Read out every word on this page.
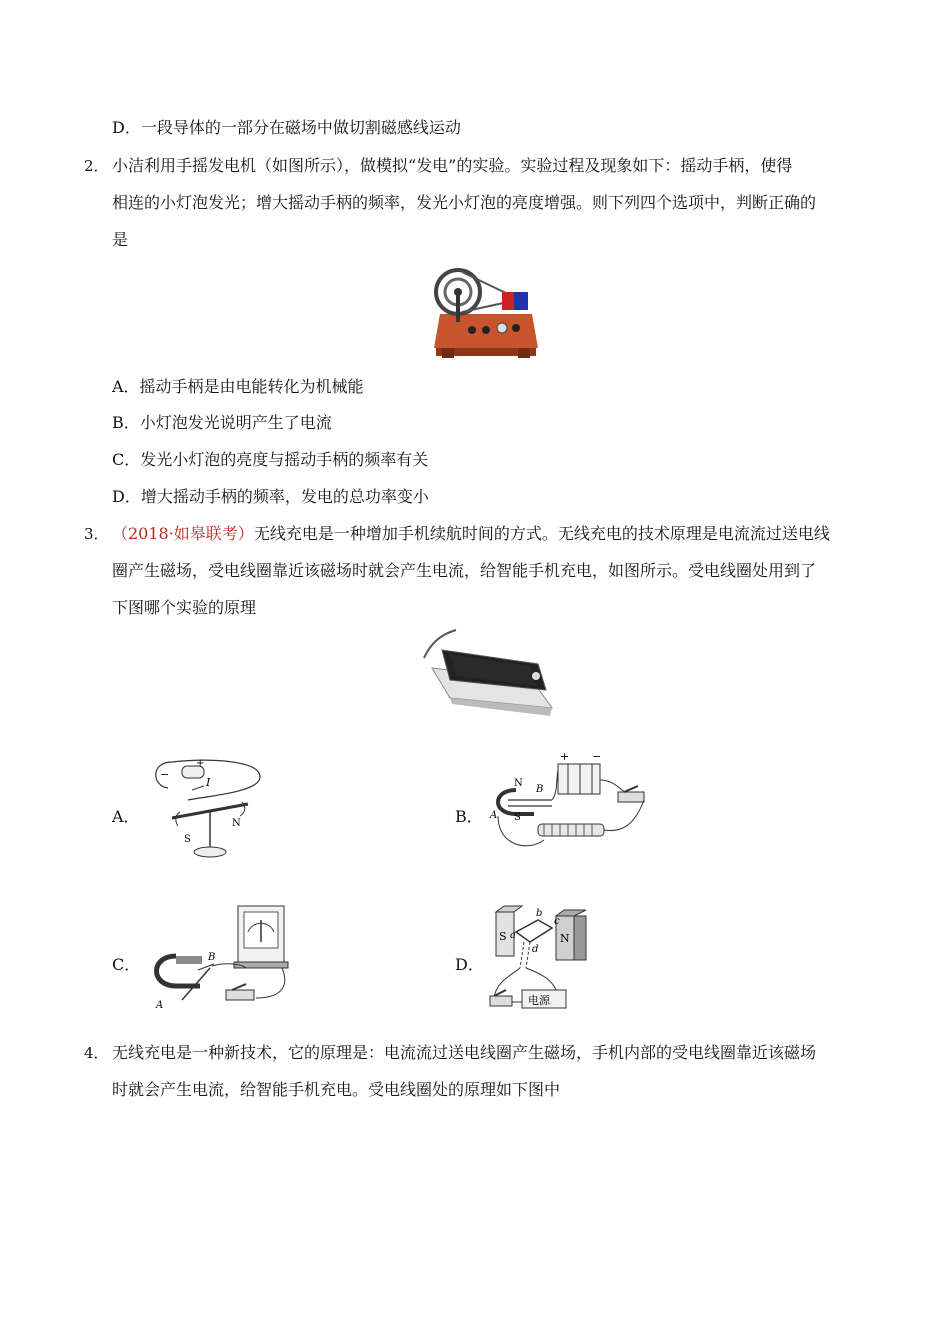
D．一段导体的一部分在磁场中做切割磁感线运动
2． 小洁利用手摇发电机（如图所示），做模拟“发电”的实验。实验过程及现象如下：摇动手柄，使得
相连的小灯泡发光；增大摇动手柄的频率，发光小灯泡的亮度增强。则下列四个选项中，判断正确的
是
A．摇动手柄是由电能转化为机械能
B．小灯泡发光说明产生了电流
C．发光小灯泡的亮度与摇动手柄的频率有关
D．增大摇动手柄的频率，发电的总功率变小
3． （2018·如皋联考）无线充电是一种增加手机续航时间的方式。无线充电的技术原理是电流流过送电线
圈产生磁场，受电线圈靠近该磁场时就会产生电流，给智能手机充电，如图所示。受电线圈处用到了
下图哪个实验的原理
A．
−
+
I
S
N	B．
N
B
A S
+ −
C．	B
A
D．
S	N
a
b
c
d
电源
4． 无线充电是一种新技术，它的原理是：电流流过送电线圈产生磁场，手机内部的受电线圈靠近该磁场
时就会产生电流，给智能手机充电。受电线圈处的原理如下图中
